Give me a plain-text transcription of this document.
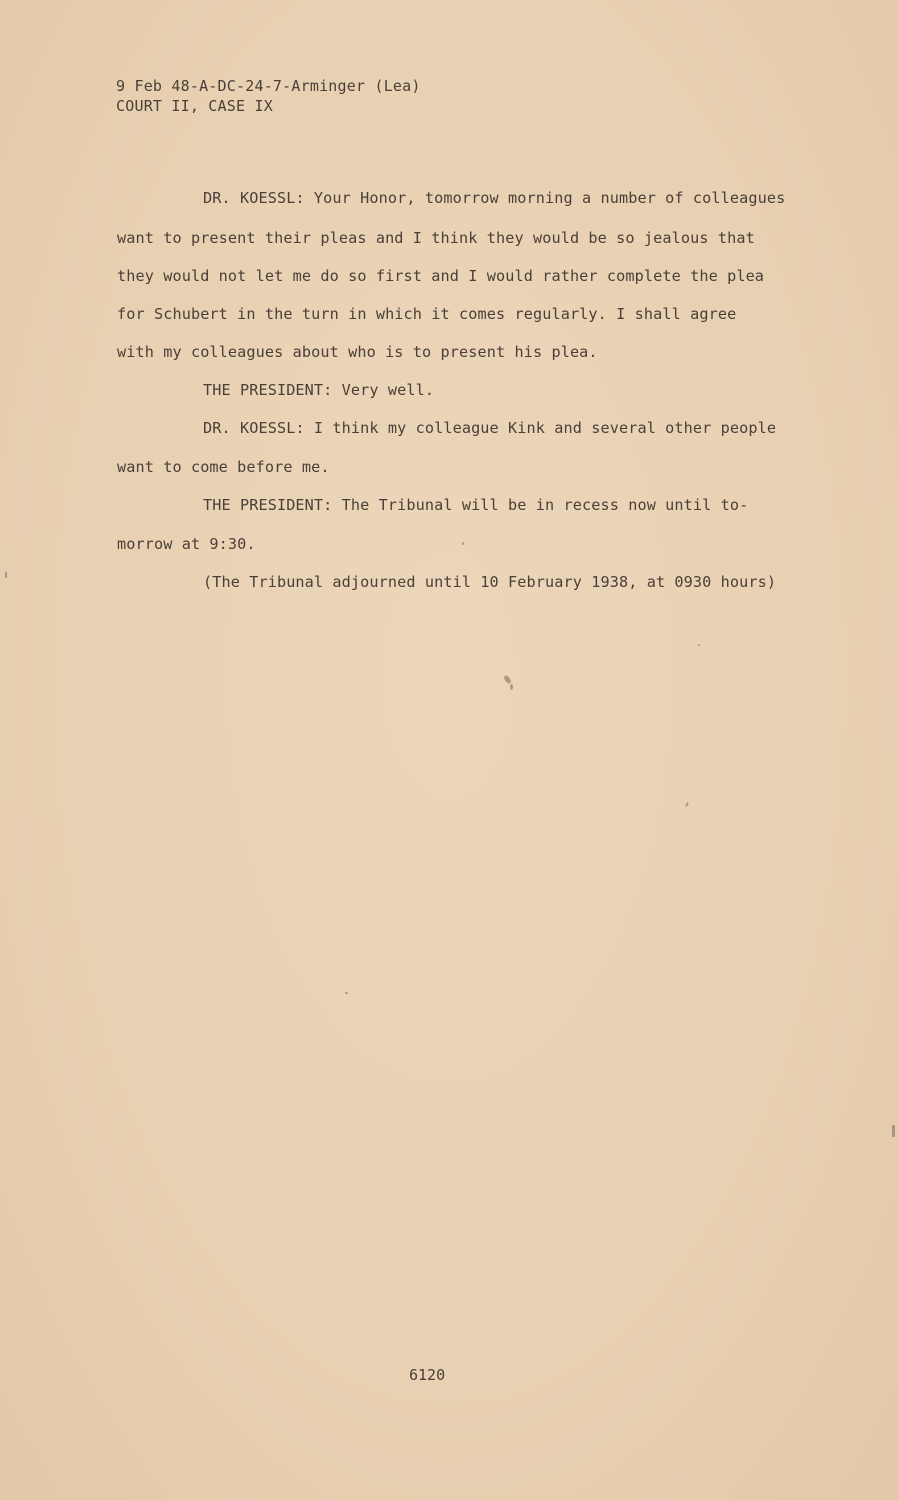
9 Feb 48-A-DC-24-7-Arminger (Lea)
COURT II, CASE IX
DR. KOESSL: Your Honor, tomorrow morning a number of colleagues
want to present their pleas and I think they would be so jealous that
they would not let me do so first and I would rather complete the plea
for Schubert in the turn in which it comes regularly. I shall agree
with my colleagues about who is to present his plea.
THE PRESIDENT: Very well.
DR. KOESSL: I think my colleague Kink and several other people
want to come before me.
THE PRESIDENT: The Tribunal will be in recess now until to-
morrow at 9:30.
(The Tribunal adjourned until 10 February 1938, at 0930 hours)
6120
